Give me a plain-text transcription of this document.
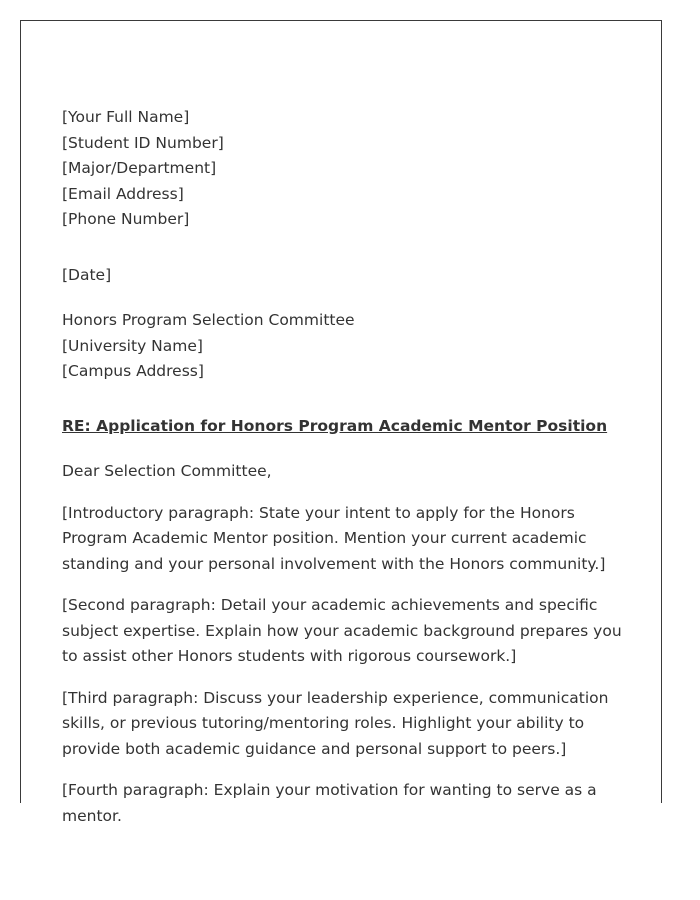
[Your Full Name]
[Student ID Number]
[Major/Department]
[Email Address]
[Phone Number]
[Date]
Honors Program Selection Committee
[University Name]
[Campus Address]

RE: Application for Honors Program Academic Mentor Position

Dear Selection Committee,

[Introductory paragraph: State your intent to apply for the Honors Program Academic Mentor position. Mention your current academic standing and your personal involvement with the Honors community.]

[Second paragraph: Detail your academic achievements and specific subject expertise. Explain how your academic background prepares you to assist other Honors students with rigorous coursework.]

[Third paragraph: Discuss your leadership experience, communication skills, or previous tutoring/mentoring roles. Highlight your ability to provide both academic guidance and personal support to peers.]

[Fourth paragraph: Explain your motivation for wanting to serve as a mentor.
